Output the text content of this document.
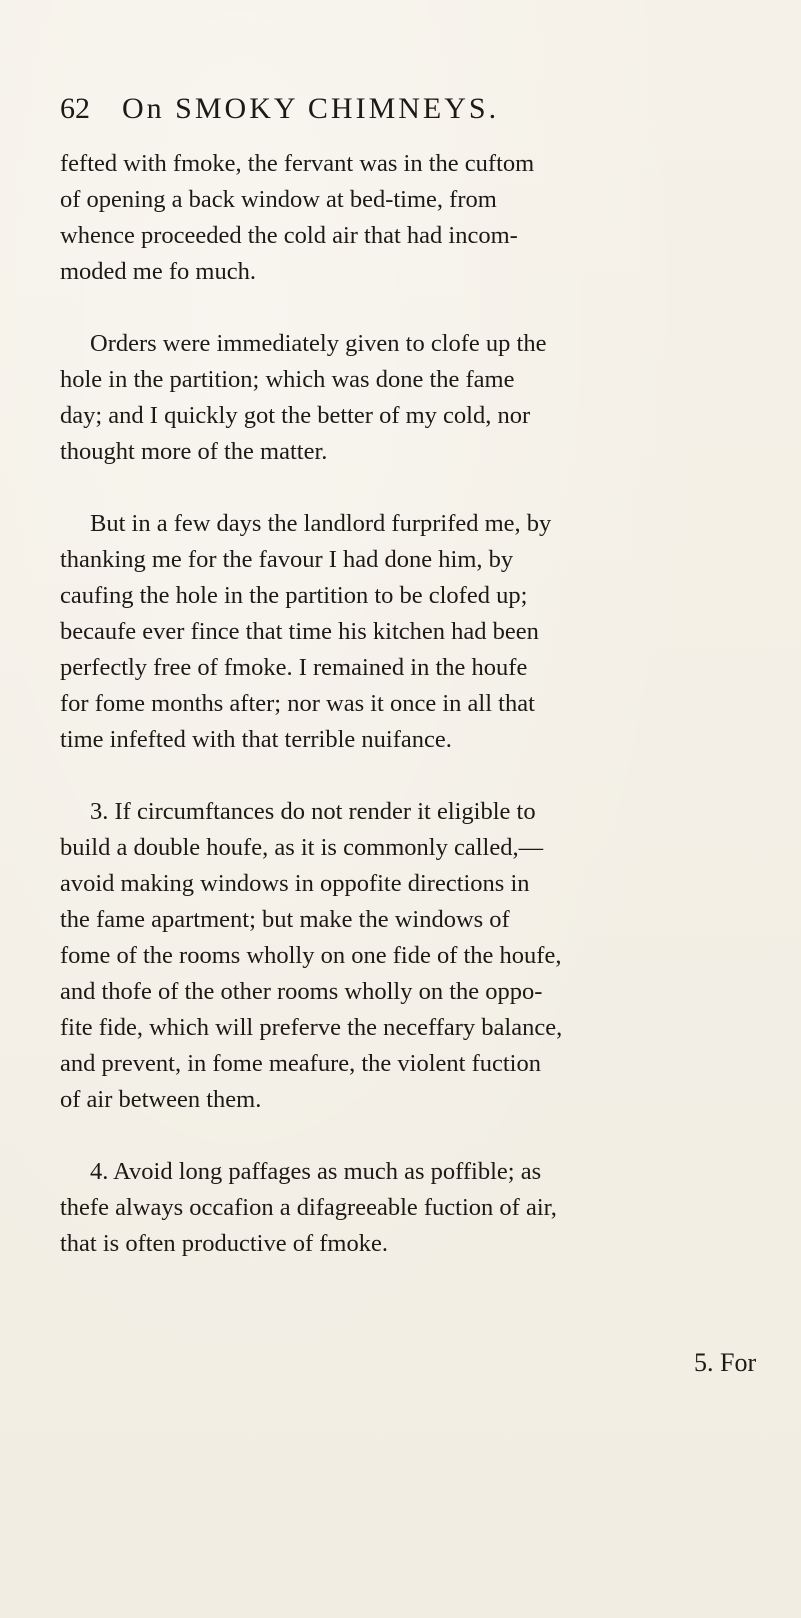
62 On SMOKY CHIMNEYS.
fefted with fmoke, the fervant was in the cuftom
of opening a back window at bed-time, from
whence proceeded the cold air that had incom-
moded me fo much.
Orders were immediately given to clofe up the
hole in the partition; which was done the fame
day; and I quickly got the better of my cold, nor
thought more of the matter.
But in a few days the landlord furprifed me, by
thanking me for the favour I had done him, by
caufing the hole in the partition to be clofed up;
becaufe ever fince that time his kitchen had been
perfectly free of fmoke. I remained in the houfe
for fome months after; nor was it once in all that
time infefted with that terrible nuifance.
3. If circumftances do not render it eligible to
build a double houfe, as it is commonly called,—
avoid making windows in oppofite directions in
the fame apartment; but make the windows of
fome of the rooms wholly on one fide of the houfe,
and thofe of the other rooms wholly on the oppo-
fite fide, which will preferve the neceffary balance,
and prevent, in fome meafure, the violent fuction
of air between them.
4. Avoid long paffages as much as poffible; as
thefe always occafion a difagreeable fuction of air,
that is often productive of fmoke.
5. For
